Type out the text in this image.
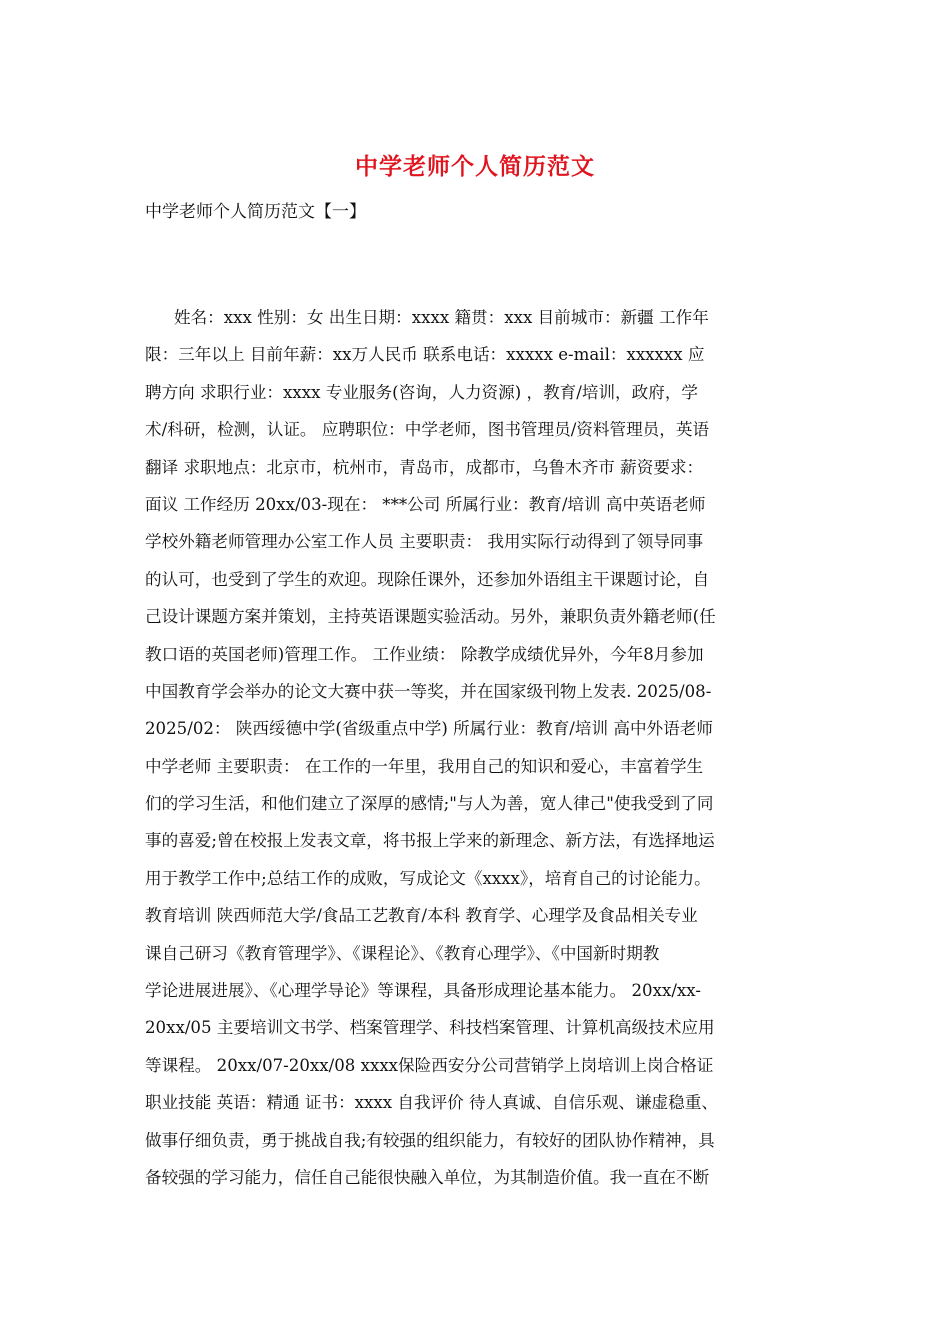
中学老师个人简历范文
中学老师个人简历范文【一】
姓名：xxx 性别：女 出生日期：xxxx 籍贯：xxx 目前城市：新疆 工作年
限：三年以上 目前年薪：xx万人民币 联系电话：xxxxx e-mail：xxxxxx 应
聘方向 求职行业：xxxx 专业服务(咨询，人力资源) ，教育/培训，政府，学
术/科研，检测，认证。 应聘职位：中学老师，图书管理员/资料管理员，英语
翻译 求职地点：北京市，杭州市，青岛市，成都市，乌鲁木齐市 薪资要求：
面议 工作经历 20xx/03-现在： ***公司 所属行业：教育/培训 高中英语老师
学校外籍老师管理办公室工作人员 主要职责： 我用实际行动得到了领导同事
的认可，也受到了学生的欢迎。现除任课外，还参加外语组主干课题讨论，自
己设计课题方案并策划，主持英语课题实验活动。另外，兼职负责外籍老师(任
教口语的英国老师)管理工作。 工作业绩： 除教学成绩优异外，今年8月参加
中国教育学会举办的论文大赛中获一等奖，并在国家级刊物上发表. 2025/08-
2025/02： 陕西绥德中学(省级重点中学) 所属行业：教育/培训 高中外语老师
中学老师 主要职责： 在工作的一年里，我用自己的知识和爱心，丰富着学生
们的学习生活，和他们建立了深厚的感情;"与人为善，宽人律己"使我受到了同
事的喜爱;曾在校报上发表文章，将书报上学来的新理念、新方法，有选择地运
用于教学工作中;总结工作的成败，写成论文《xxxx》，培育自己的讨论能力。
教育培训 陕西师范大学/食品工艺教育/本科 教育学、心理学及食品相关专业
课自己研习《教育管理学》、《课程论》、《教育心理学》、《中国新时期教
学论进展进展》、《心理学导论》等课程，具备形成理论基本能力。 20xx/xx-
20xx/05 主要培训文书学、档案管理学、科技档案管理、计算机高级技术应用
等课程。 20xx/07-20xx/08 xxxx保险西安分公司营销学上岗培训上岗合格证
职业技能 英语：精通 证书：xxxx 自我评价 待人真诚、自信乐观、谦虚稳重、
做事仔细负责，勇于挑战自我;有较强的组织能力，有较好的团队协作精神，具
备较强的学习能力，信任自己能很快融入单位，为其制造价值。我一直在不断
